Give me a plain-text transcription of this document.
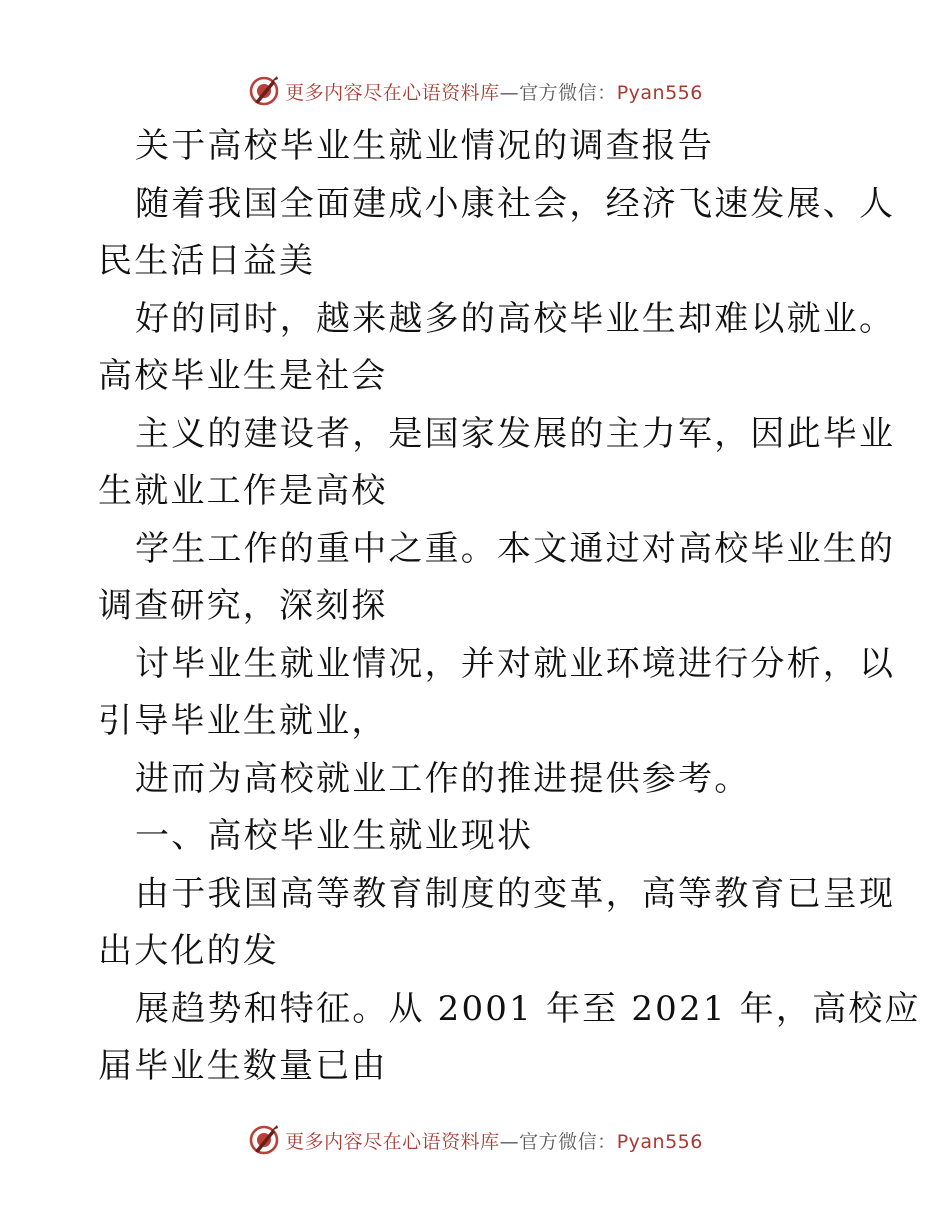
更多内容尽在心语资料库—官方微信：Pyan556
关于高校毕业生就业情况的调查报告
随着我国全面建成小康社会，经济飞速发展、人
民生活日益美
好的同时，越来越多的高校毕业生却难以就业。
高校毕业生是社会
主义的建设者，是国家发展的主力军，因此毕业
生就业工作是高校
学生工作的重中之重。本文通过对高校毕业生的
调查研究，深刻探
讨毕业生就业情况，并对就业环境进行分析，以
引导毕业生就业，
进而为高校就业工作的推进提供参考。
一、高校毕业生就业现状
由于我国高等教育制度的变革，高等教育已呈现
出大化的发
展趋势和特征。从 2001 年至 2021 年，高校应
届毕业生数量已由
更多内容尽在心语资料库—官方微信：Pyan556
